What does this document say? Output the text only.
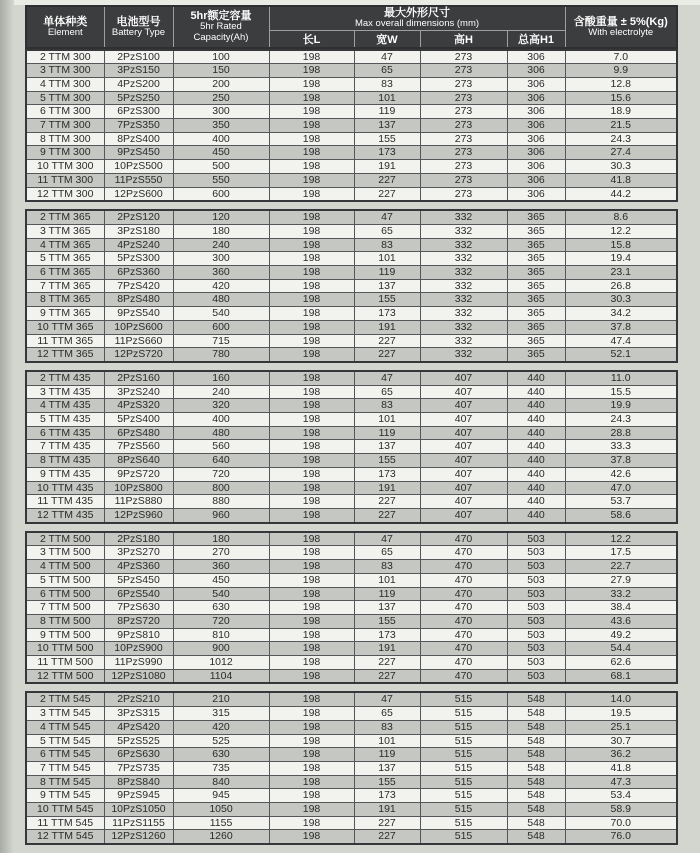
单体种类
Element	电池型号
Battery Type	5hr额定容量
5hr Rated
Capacity(Ah)	最大外形尺寸
Max overall dimensions (mm)				含酸重量 ± 5%(Kg)
With electrolyte

			长L	宽W	高H	总高H1	
2 TTM 300	2PzS100	100	198	47	273	306	7.0
3 TTM 300	3PzS150	150	198	65	273	306	9.9
4 TTM 300	4PzS200	200	198	83	273	306	12.8
5 TTM 300	5PzS250	250	198	101	273	306	15.6
6 TTM 300	6PzS300	300	198	119	273	306	18.9
7 TTM 300	7PzS350	350	198	137	273	306	21.5
8 TTM 300	8PzS400	400	198	155	273	306	24.3
9 TTM 300	9PzS450	450	198	173	273	306	27.4
10 TTM 300	10PzS500	500	198	191	273	306	30.3
11 TTM 300	11PzS550	550	198	227	273	306	41.8
12 TTM 300	12PzS600	600	198	227	273	306	44.2
2 TTM 365	2PzS120	120	198	47	332	365	8.6
3 TTM 365	3PzS180	180	198	65	332	365	12.2
4 TTM 365	4PzS240	240	198	83	332	365	15.8
5 TTM 365	5PzS300	300	198	101	332	365	19.4
6 TTM 365	6PzS360	360	198	119	332	365	23.1
7 TTM 365	7PzS420	420	198	137	332	365	26.8
8 TTM 365	8PzS480	480	198	155	332	365	30.3
9 TTM 365	9PzS540	540	198	173	332	365	34.2
10 TTM 365	10PzS600	600	198	191	332	365	37.8
11 TTM 365	11PzS660	715	198	227	332	365	47.4
12 TTM 365	12PzS720	780	198	227	332	365	52.1
2 TTM 435	2PzS160	160	198	47	407	440	11.0
3 TTM 435	3PzS240	240	198	65	407	440	15.5
4 TTM 435	4PzS320	320	198	83	407	440	19.9
5 TTM 435	5PzS400	400	198	101	407	440	24.3
6 TTM 435	6PzS480	480	198	119	407	440	28.8
7 TTM 435	7PzS560	560	198	137	407	440	33.3
8 TTM 435	8PzS640	640	198	155	407	440	37.8
9 TTM 435	9PzS720	720	198	173	407	440	42.6
10 TTM 435	10PzS800	800	198	191	407	440	47.0
11 TTM 435	11PzS880	880	198	227	407	440	53.7
12 TTM 435	12PzS960	960	198	227	407	440	58.6
2 TTM 500	2PzS180	180	198	47	470	503	12.2
3 TTM 500	3PzS270	270	198	65	470	503	17.5
4 TTM 500	4PzS360	360	198	83	470	503	22.7
5 TTM 500	5PzS450	450	198	101	470	503	27.9
6 TTM 500	6PzS540	540	198	119	470	503	33.2
7 TTM 500	7PzS630	630	198	137	470	503	38.4
8 TTM 500	8PzS720	720	198	155	470	503	43.6
9 TTM 500	9PzS810	810	198	173	470	503	49.2
10 TTM 500	10PzS900	900	198	191	470	503	54.4
11 TTM 500	11PzS990	1012	198	227	470	503	62.6
12 TTM 500	12PzS1080	1104	198	227	470	503	68.1
2 TTM 545	2PzS210	210	198	47	515	548	14.0
3 TTM 545	3PzS315	315	198	65	515	548	19.5
4 TTM 545	4PzS420	420	198	83	515	548	25.1
5 TTM 545	5PzS525	525	198	101	515	548	30.7
6 TTM 545	6PzS630	630	198	119	515	548	36.2
7 TTM 545	7PzS735	735	198	137	515	548	41.8
8 TTM 545	8PzS840	840	198	155	515	548	47.3
9 TTM 545	9PzS945	945	198	173	515	548	53.4
10 TTM 545	10PzS1050	1050	198	191	515	548	58.9
11 TTM 545	11PzS1155	1155	198	227	515	548	70.0
12 TTM 545	12PzS1260	1260	198	227	515	548	76.0
